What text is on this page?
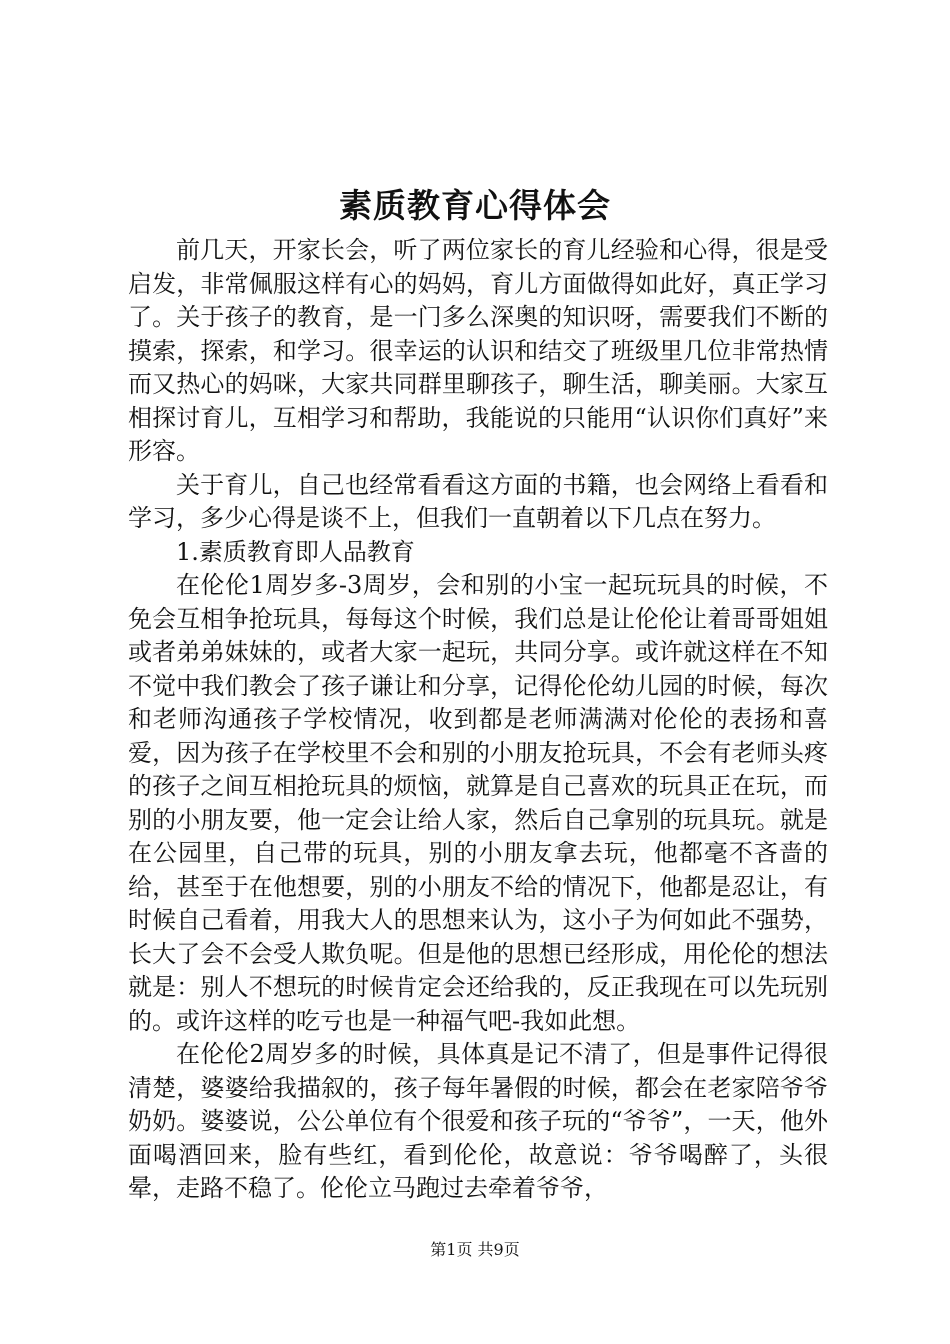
素质教育心得体会

前几天，开家长会，听了两位家长的育儿经验和心得，很是受启发，非常佩服这样有心的妈妈，育儿方面做得如此好，真正学习了。关于孩子的教育，是一门多么深奥的知识呀，需要我们不断的摸索，探索，和学习。很幸运的认识和结交了班级里几位非常热情而又热心的妈咪，大家共同群里聊孩子，聊生活，聊美丽。大家互相探讨育儿，互相学习和帮助，我能说的只能用“认识你们真好”来形容。

关于育儿，自己也经常看看这方面的书籍，也会网络上看看和学习，多少心得是谈不上，但我们一直朝着以下几点在努力。

1.素质教育即人品教育

在伦伦1周岁多-3周岁，会和别的小宝一起玩玩具的时候，不免会互相争抢玩具，每每这个时候，我们总是让伦伦让着哥哥姐姐或者弟弟妹妹的，或者大家一起玩，共同分享。或许就这样在不知不觉中我们教会了孩子谦让和分享，记得伦伦幼儿园的时候，每次和老师沟通孩子学校情况，收到都是老师满满对伦伦的表扬和喜爱，因为孩子在学校里不会和别的小朋友抢玩具，不会有老师头疼的孩子之间互相抢玩具的烦恼，就算是自己喜欢的玩具正在玩，而别的小朋友要，他一定会让给人家，然后自己拿别的玩具玩。就是在公园里，自己带的玩具，别的小朋友拿去玩，他都毫不吝啬的给，甚至于在他想要，别的小朋友不给的情况下，他都是忍让，有时候自己看着，用我大人的思想来认为，这小子为何如此不强势，长大了会不会受人欺负呢。但是他的思想已经形成，用伦伦的想法就是：别人不想玩的时候肯定会还给我的，反正我现在可以先玩别的。或许这样的吃亏也是一种福气吧-我如此想。

在伦伦2周岁多的时候，具体真是记不清了，但是事件记得很清楚，婆婆给我描叙的，孩子每年暑假的时候，都会在老家陪爷爷奶奶。婆婆说，公公单位有个很爱和孩子玩的“爷爷”，一天，他外面喝酒回来，脸有些红，看到伦伦，故意说：爷爷喝醉了，头很晕，走路不稳了。伦伦立马跑过去牵着爷爷，

第1页 共9页
